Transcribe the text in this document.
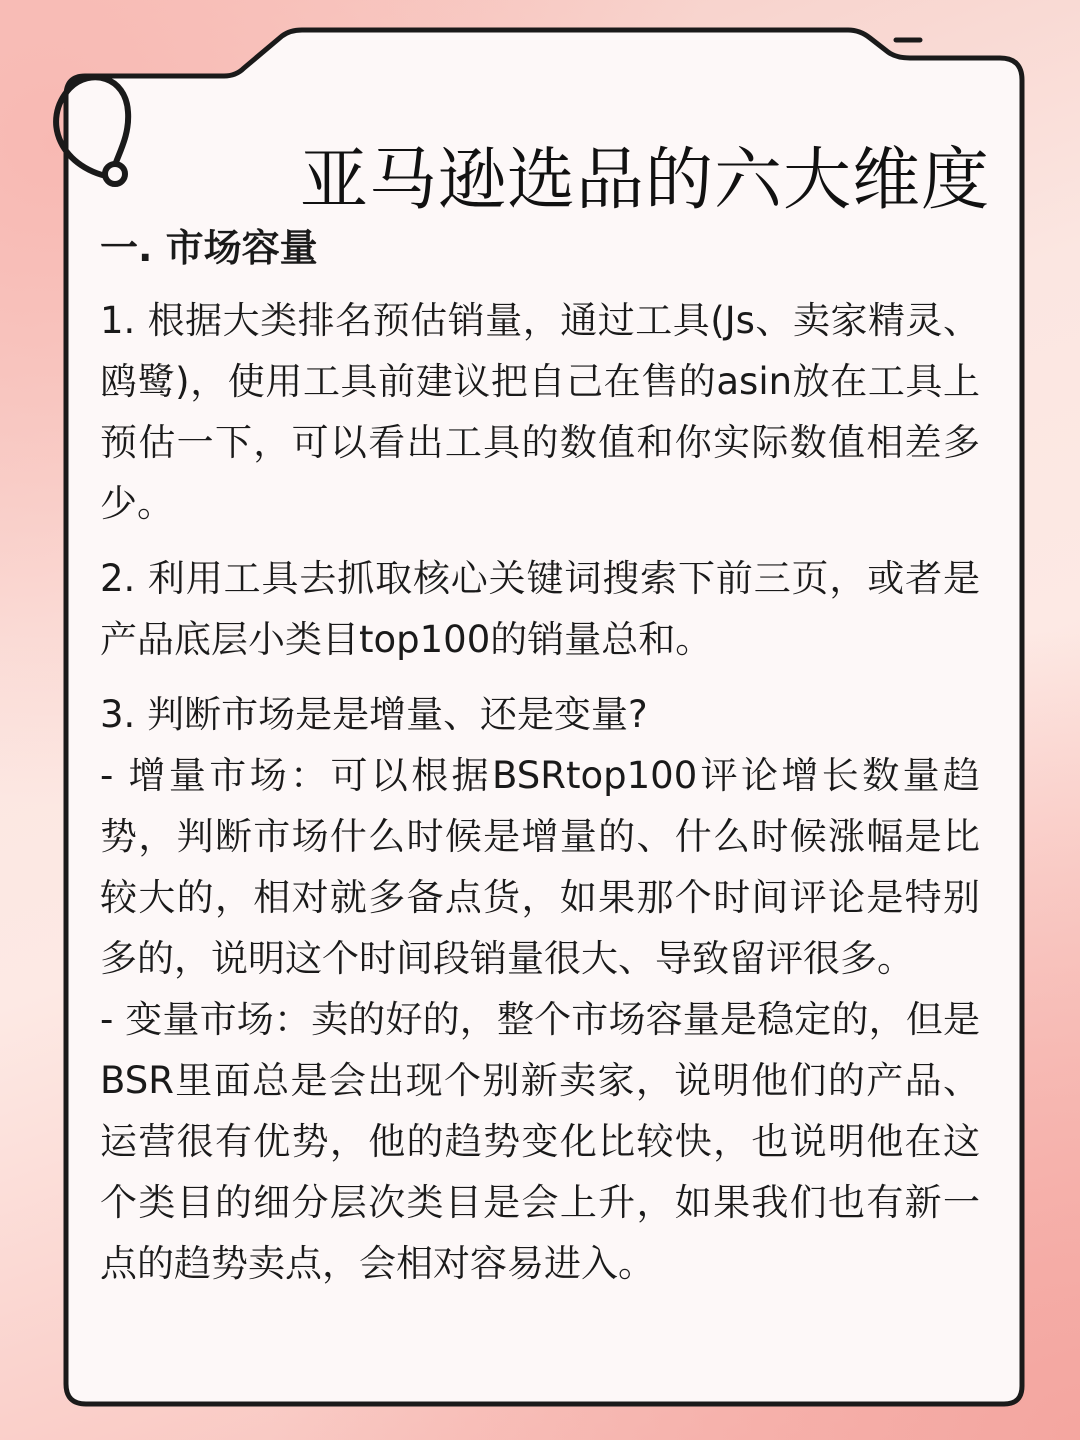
亚马逊选品的六大维度
一. 市场容量

1. 根据大类排名预估销量，通过工具(Js、卖家精灵、鸥鹭)，使用工具前建议把自己在售的asin放在工具上预估一下，可以看出工具的数值和你实际数值相差多少。

2. 利用工具去抓取核心关键词搜索下前三页，或者是产品底层小类目top100的销量总和。

3. 判断市场是是增量、还是变量?
- 增量市场：可以根据BSRtop100评论增长数量趋势，判断市场什么时候是增量的、什么时候涨幅是比较大的，相对就多备点货，如果那个时间评论是特别多的，说明这个时间段销量很大、导致留评很多。
- 变量市场：卖的好的，整个市场容量是稳定的，但是BSR里面总是会出现个别新卖家，说明他们的产品、运营很有优势，他的趋势变化比较快，也说明他在这个类目的细分层次类目是会上升，如果我们也有新一点的趋势卖点，会相对容易进入。
